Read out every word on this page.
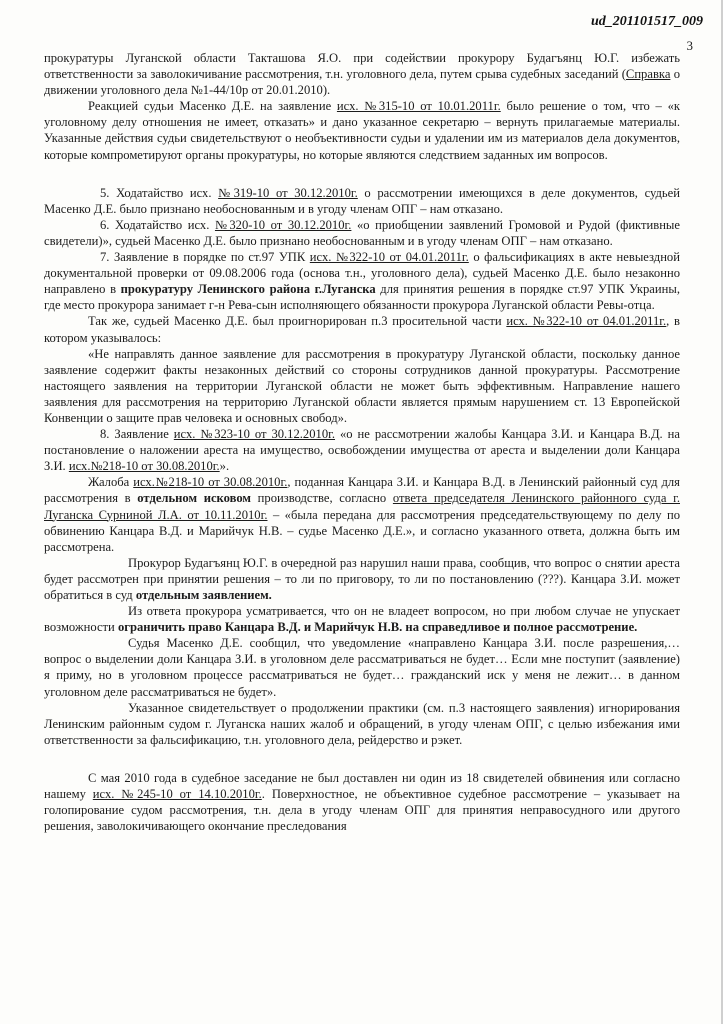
ud_201101517_009
3

прокуратуры Луганской области Такташова Я.О. при содействии прокурору Будагъянц Ю.Г. избежать ответственности за заволокичивание рассмотрения, т.н. уголовного дела, путем срыва судебных заседаний (Справка о движении уголовного дела №1-44/10р от 20.01.2010).

Реакцией судьи Масенко Д.Е. на заявление исх. №315-10 от 10.01.2011г. было решение о том, что – «к уголовному делу отношения не имеет, отказать» и дано указанное секретарю – вернуть прилагаемые материалы. Указанные действия судьи свидетельствуют о необъективности судьи и удалении им из материалов дела документов, которые компрометируют органы прокуратуры, но которые являются следствием заданных им вопросов.

5. Ходатайство исх. №319-10 от 30.12.2010г. о рассмотрении имеющихся в деле документов, судьей Масенко Д.Е. было признано необоснованным и в угоду членам ОПГ – нам отказано.

6. Ходатайство исх. №320-10 от 30.12.2010г. «о приобщении заявлений Громовой и Рудой (фиктивные свидетели)», судьей Масенко Д.Е. было признано необоснованным и в угоду членам ОПГ – нам отказано.

7. Заявление в порядке по ст.97 УПК исх. №322-10 от 04.01.2011г. о фальсификациях в акте невыездной документальной проверки от 09.08.2006 года (основа т.н., уголовного дела), судьей Масенко Д.Е. было незаконно направлено в прокуратуру Ленинского района г.Луганска для принятия решения в порядке ст.97 УПК Украины, где место прокурора занимает г-н Рева-сын исполняющего обязанности прокурора Луганской области Ревы-отца.

Так же, судьей Масенко Д.Е. был проигнорирован п.3 просительной части исх. №322-10 от 04.01.2011г., в котором указывалось:

«Не направлять данное заявление для рассмотрения в прокуратуру Луганской области, поскольку данное заявление содержит факты незаконных действий со стороны сотрудников данной прокуратуры. Рассмотрение настоящего заявления на территории Луганской области не может быть эффективным. Направление нашего заявления для рассмотрения на территорию Луганской области является прямым нарушением ст. 13 Европейской Конвенции о защите прав человека и основных свобод».

8. Заявление исх. №323-10 от 30.12.2010г. «о не рассмотрении жалобы Канцара З.И. и Канцара В.Д. на постановление о наложении ареста на имущество, освобождении имущества от ареста и выделении доли Канцара З.И. исх.№218-10 от 30.08.2010г.».

Жалоба исх.№218-10 от 30.08.2010г., поданная Канцара З.И. и Канцара В.Д. в Ленинский районный суд для рассмотрения в отдельном исковом производстве, согласно ответа председателя Ленинского районного суда г. Луганска Сурниной Л.А. от 10.11.2010г. – «была передана для рассмотрения председательствующему по делу по обвинению Канцара В.Д. и Марийчук Н.В. – судье Масенко Д.Е.», и согласно указанного ответа, должна быть им рассмотрена.

Прокурор Будагъянц Ю.Г. в очередной раз нарушил наши права, сообщив, что вопрос о снятии ареста будет рассмотрен при принятии решения – то ли по приговору, то ли по постановлению (???). Канцара З.И. может обратиться в суд отдельным заявлением.

Из ответа прокурора усматривается, что он не владеет вопросом, но при любом случае не упускает возможности ограничить право Канцара В.Д. и Марийчук Н.В. на справедливое и полное рассмотрение.

Судья Масенко Д.Е. сообщил, что уведомление «направлено Канцара З.И. после разрешения,… вопрос о выделении доли Канцара З.И. в уголовном деле рассматриваться не будет… Если мне поступит (заявление) я приму, но в уголовном процессе рассматриваться не будет… гражданский иск у меня не лежит… в данном уголовном деле рассматриваться не будет».

Указанное свидетельствует о продолжении практики (см. п.3 настоящего заявления) игнорирования Ленинским районным судом г. Луганска наших жалоб и обращений, в угоду членам ОПГ, с целью избежания ими ответственности за фальсификацию, т.н. уголовного дела, рейдерство и рэкет.

С мая 2010 года в судебное заседание не был доставлен ни один из 18 свидетелей обвинения или согласно нашему исх. №245-10 от 14.10.2010г.. Поверхностное, не объективное судебное рассмотрение – указывает на голопирование судом рассмотрения, т.н. дела в угоду членам ОПГ для принятия неправосудного или другого решения, заволокичивающего окончание преследования
